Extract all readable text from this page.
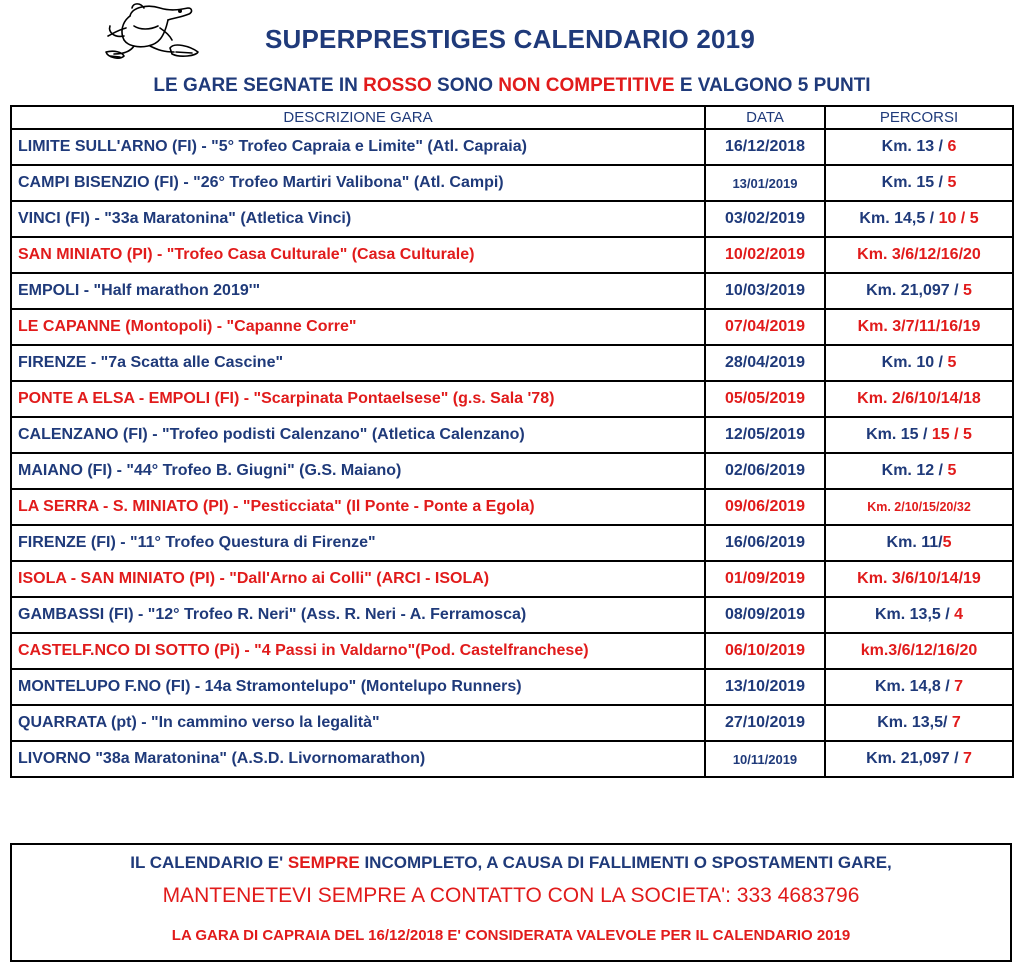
SUPERPRESTIGES CALENDARIO 2019
LE GARE SEGNATE IN ROSSO SONO NON COMPETITIVE E VALGONO 5 PUNTI
DESCRIZIONE GARA	DATA	PERCORSI
LIMITE SULL'ARNO (FI) - "5° Trofeo Capraia e Limite" (Atl. Capraia)	16/12/2018	Km. 13 / 6
CAMPI BISENZIO (FI) - "26° Trofeo Martiri Valibona" (Atl. Campi)	13/01/2019	Km. 15 / 5
VINCI (FI) - "33a Maratonina" (Atletica Vinci)	03/02/2019	Km. 14,5 / 10 / 5
SAN MINIATO (PI) - "Trofeo Casa Culturale" (Casa Culturale)	10/02/2019	Km. 3/6/12/16/20
EMPOLI - "Half marathon 2019'"	10/03/2019	Km. 21,097 / 5
LE CAPANNE (Montopoli) - "Capanne Corre"	07/04/2019	Km. 3/7/11/16/19
FIRENZE - "7a Scatta alle Cascine"	28/04/2019	Km. 10 / 5
PONTE A ELSA - EMPOLI (FI) - "Scarpinata Pontaelsese" (g.s. Sala '78)	05/05/2019	Km. 2/6/10/14/18
CALENZANO (FI) - "Trofeo podisti Calenzano" (Atletica Calenzano)	12/05/2019	Km. 15 / 15 / 5
MAIANO (FI) - "44° Trofeo B. Giugni" (G.S. Maiano)	02/06/2019	Km. 12 / 5
LA SERRA - S. MINIATO (PI) - "Pesticciata" (Il Ponte - Ponte a Egola)	09/06/2019	Km. 2/10/15/20/32
FIRENZE (FI) - "11° Trofeo Questura di Firenze"	16/06/2019	Km. 11/5
ISOLA - SAN MINIATO (PI) - "Dall'Arno ai Colli" (ARCI - ISOLA)	01/09/2019	Km. 3/6/10/14/19
GAMBASSI (FI) - "12° Trofeo R. Neri" (Ass. R. Neri - A. Ferramosca)	08/09/2019	Km. 13,5 / 4
CASTELF.NCO DI SOTTO (Pi) - "4 Passi in Valdarno"(Pod. Castelfranchese)	06/10/2019	km.3/6/12/16/20
MONTELUPO F.NO (FI) - 14a Stramontelupo" (Montelupo Runners)	13/10/2019	Km. 14,8 / 7
QUARRATA (pt) - "In cammino verso la legalità"	27/10/2019	Km. 13,5/ 7
LIVORNO "38a Maratonina" (A.S.D. Livornomarathon)	10/11/2019	Km. 21,097 / 7
IL CALENDARIO E' SEMPRE INCOMPLETO, A CAUSA DI FALLIMENTI O SPOSTAMENTI GARE,
MANTENETEVI SEMPRE A CONTATTO CON LA SOCIETA': 333 4683796
LA GARA DI CAPRAIA DEL 16/12/2018 E' CONSIDERATA VALEVOLE PER IL CALENDARIO 2019
